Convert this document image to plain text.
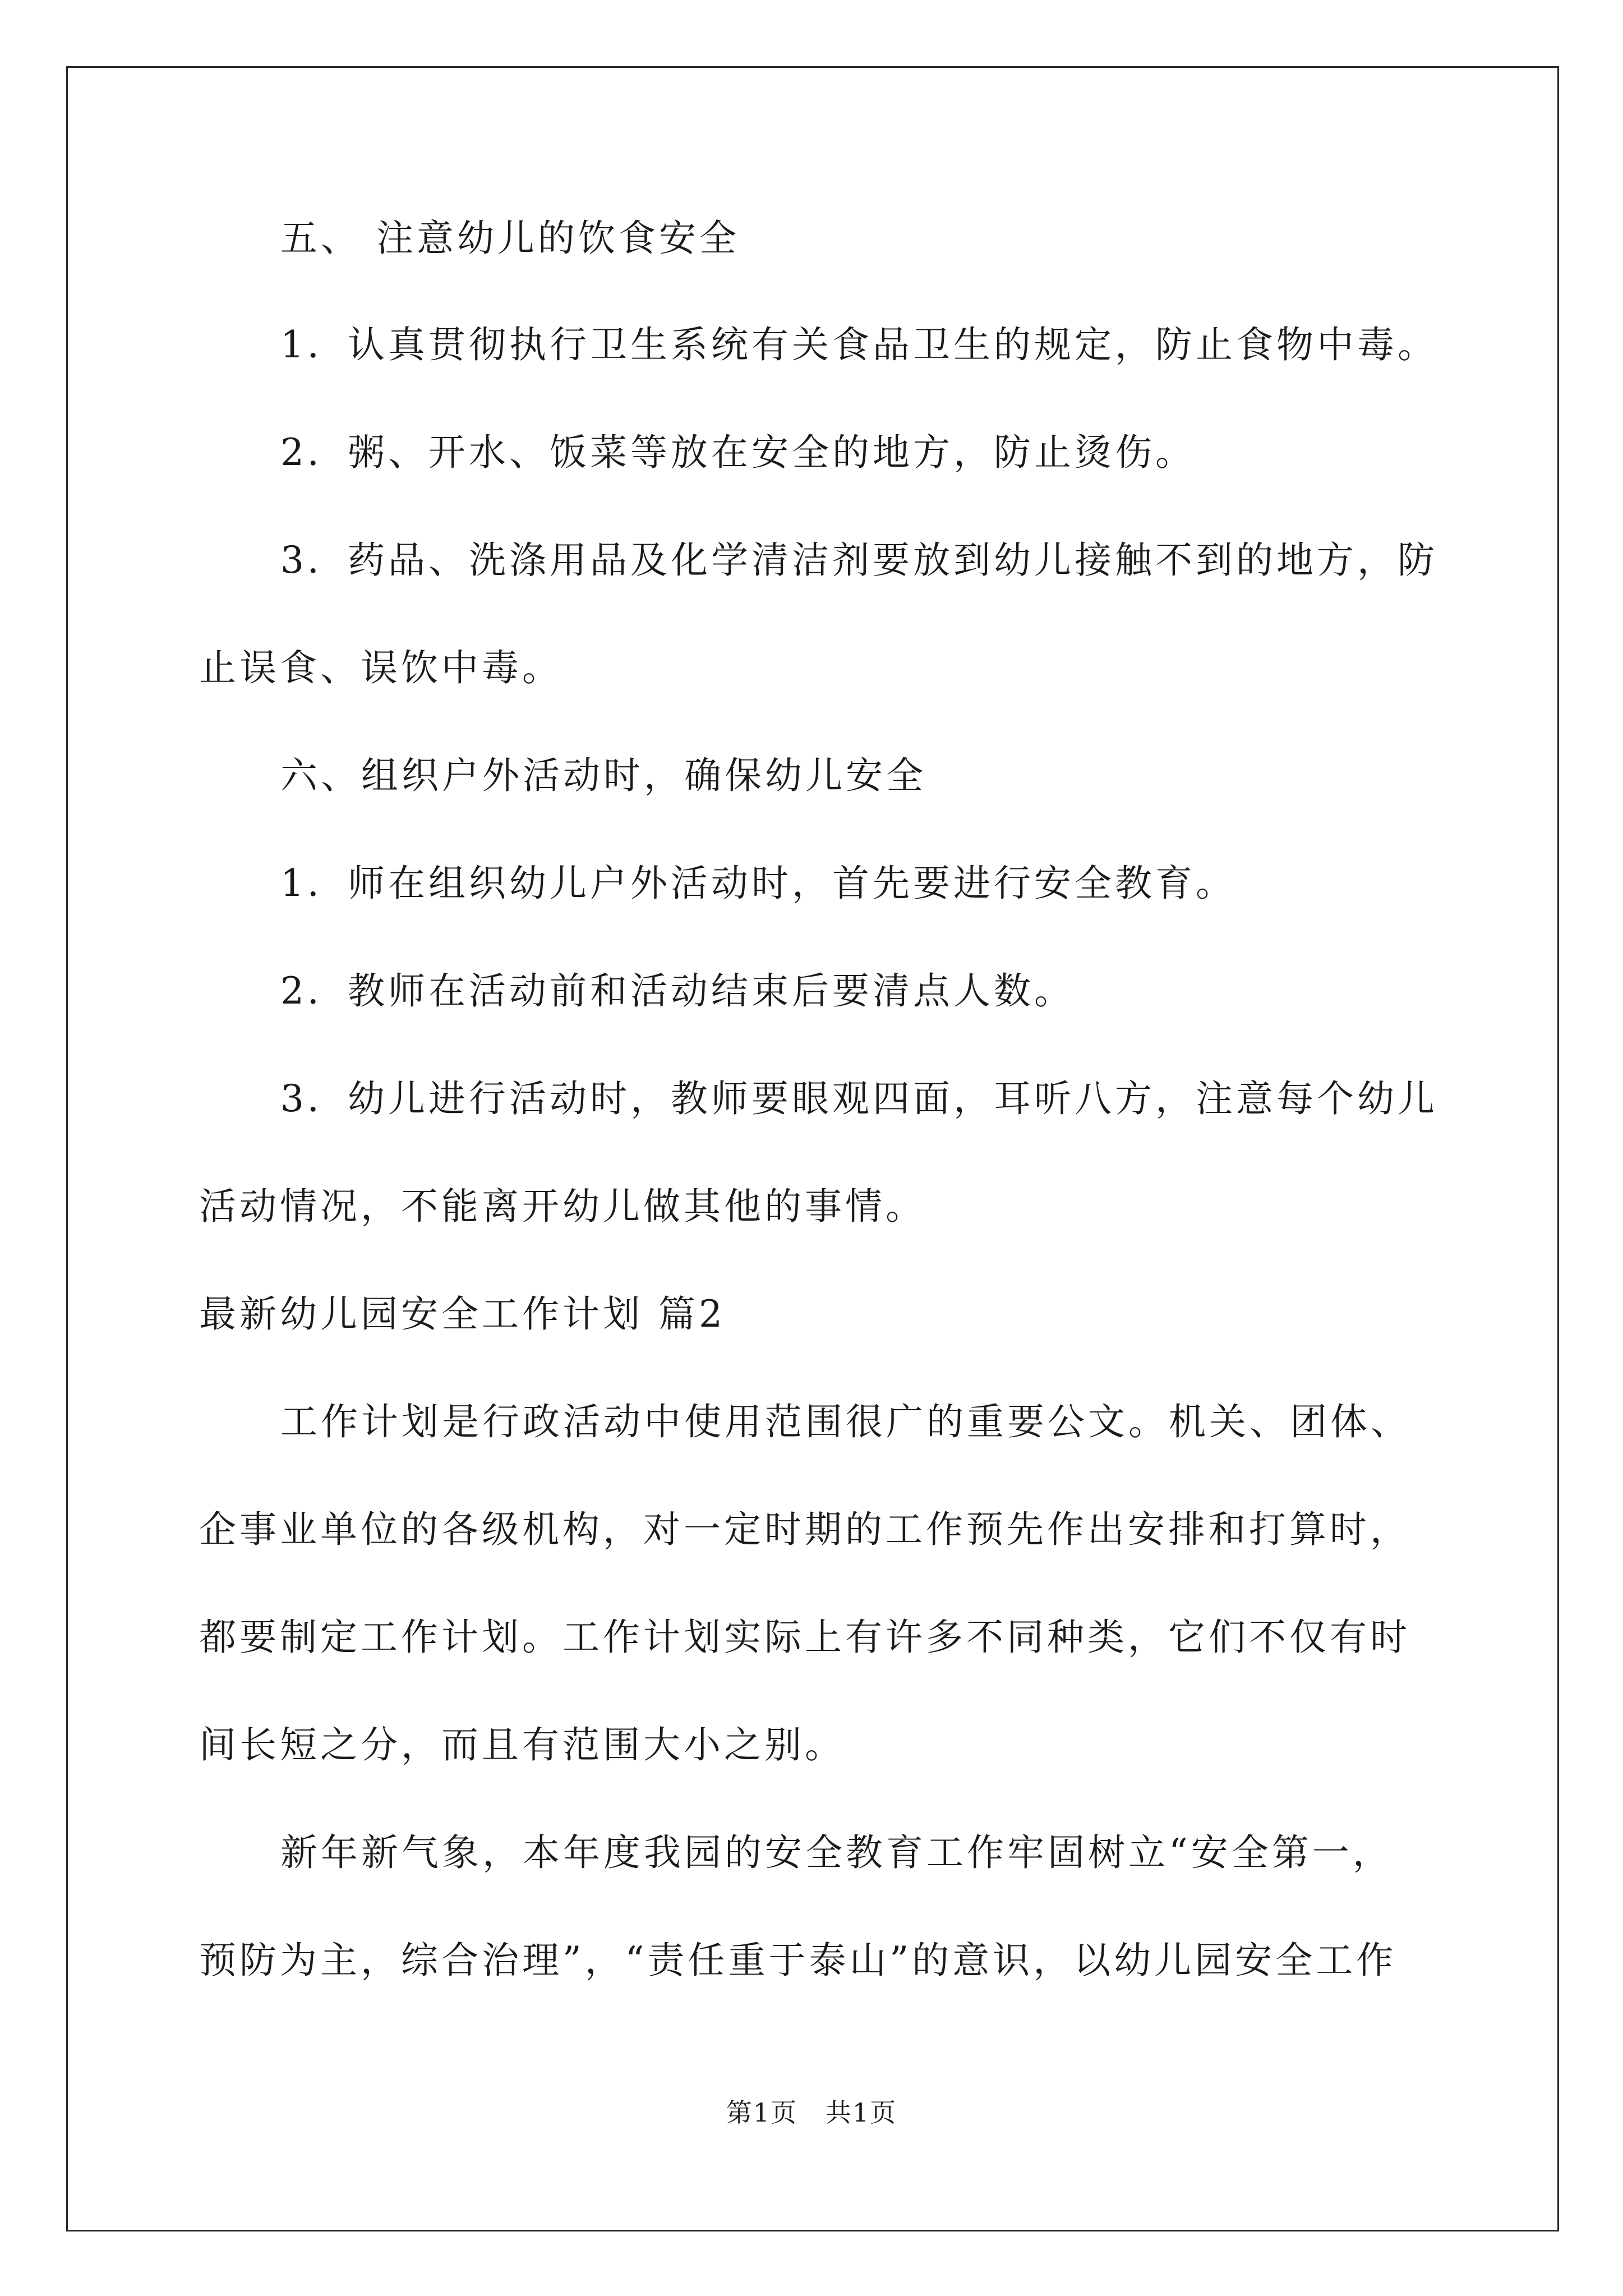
五、 注意幼儿的饮食安全
1．认真贯彻执行卫生系统有关食品卫生的规定，防止食物中毒。
2．粥、开水、饭菜等放在安全的地方，防止烫伤。
3．药品、洗涤用品及化学清洁剂要放到幼儿接触不到的地方，防
止误食、误饮中毒。
六、组织户外活动时，确保幼儿安全
1．师在组织幼儿户外活动时，首先要进行安全教育。
2．教师在活动前和活动结束后要清点人数。
3．幼儿进行活动时，教师要眼观四面，耳听八方，注意每个幼儿
活动情况，不能离开幼儿做其他的事情。
最新幼儿园安全工作计划 篇2
工作计划是行政活动中使用范围很广的重要公文。机关、团体、
企事业单位的各级机构，对一定时期的工作预先作出安排和打算时，
都要制定工作计划。工作计划实际上有许多不同种类，它们不仅有时
间长短之分，而且有范围大小之别。
新年新气象，本年度我园的安全教育工作牢固树立“安全第一，
预防为主，综合治理”，“责任重于泰山”的意识，以幼儿园安全工作
第1页   共1页
